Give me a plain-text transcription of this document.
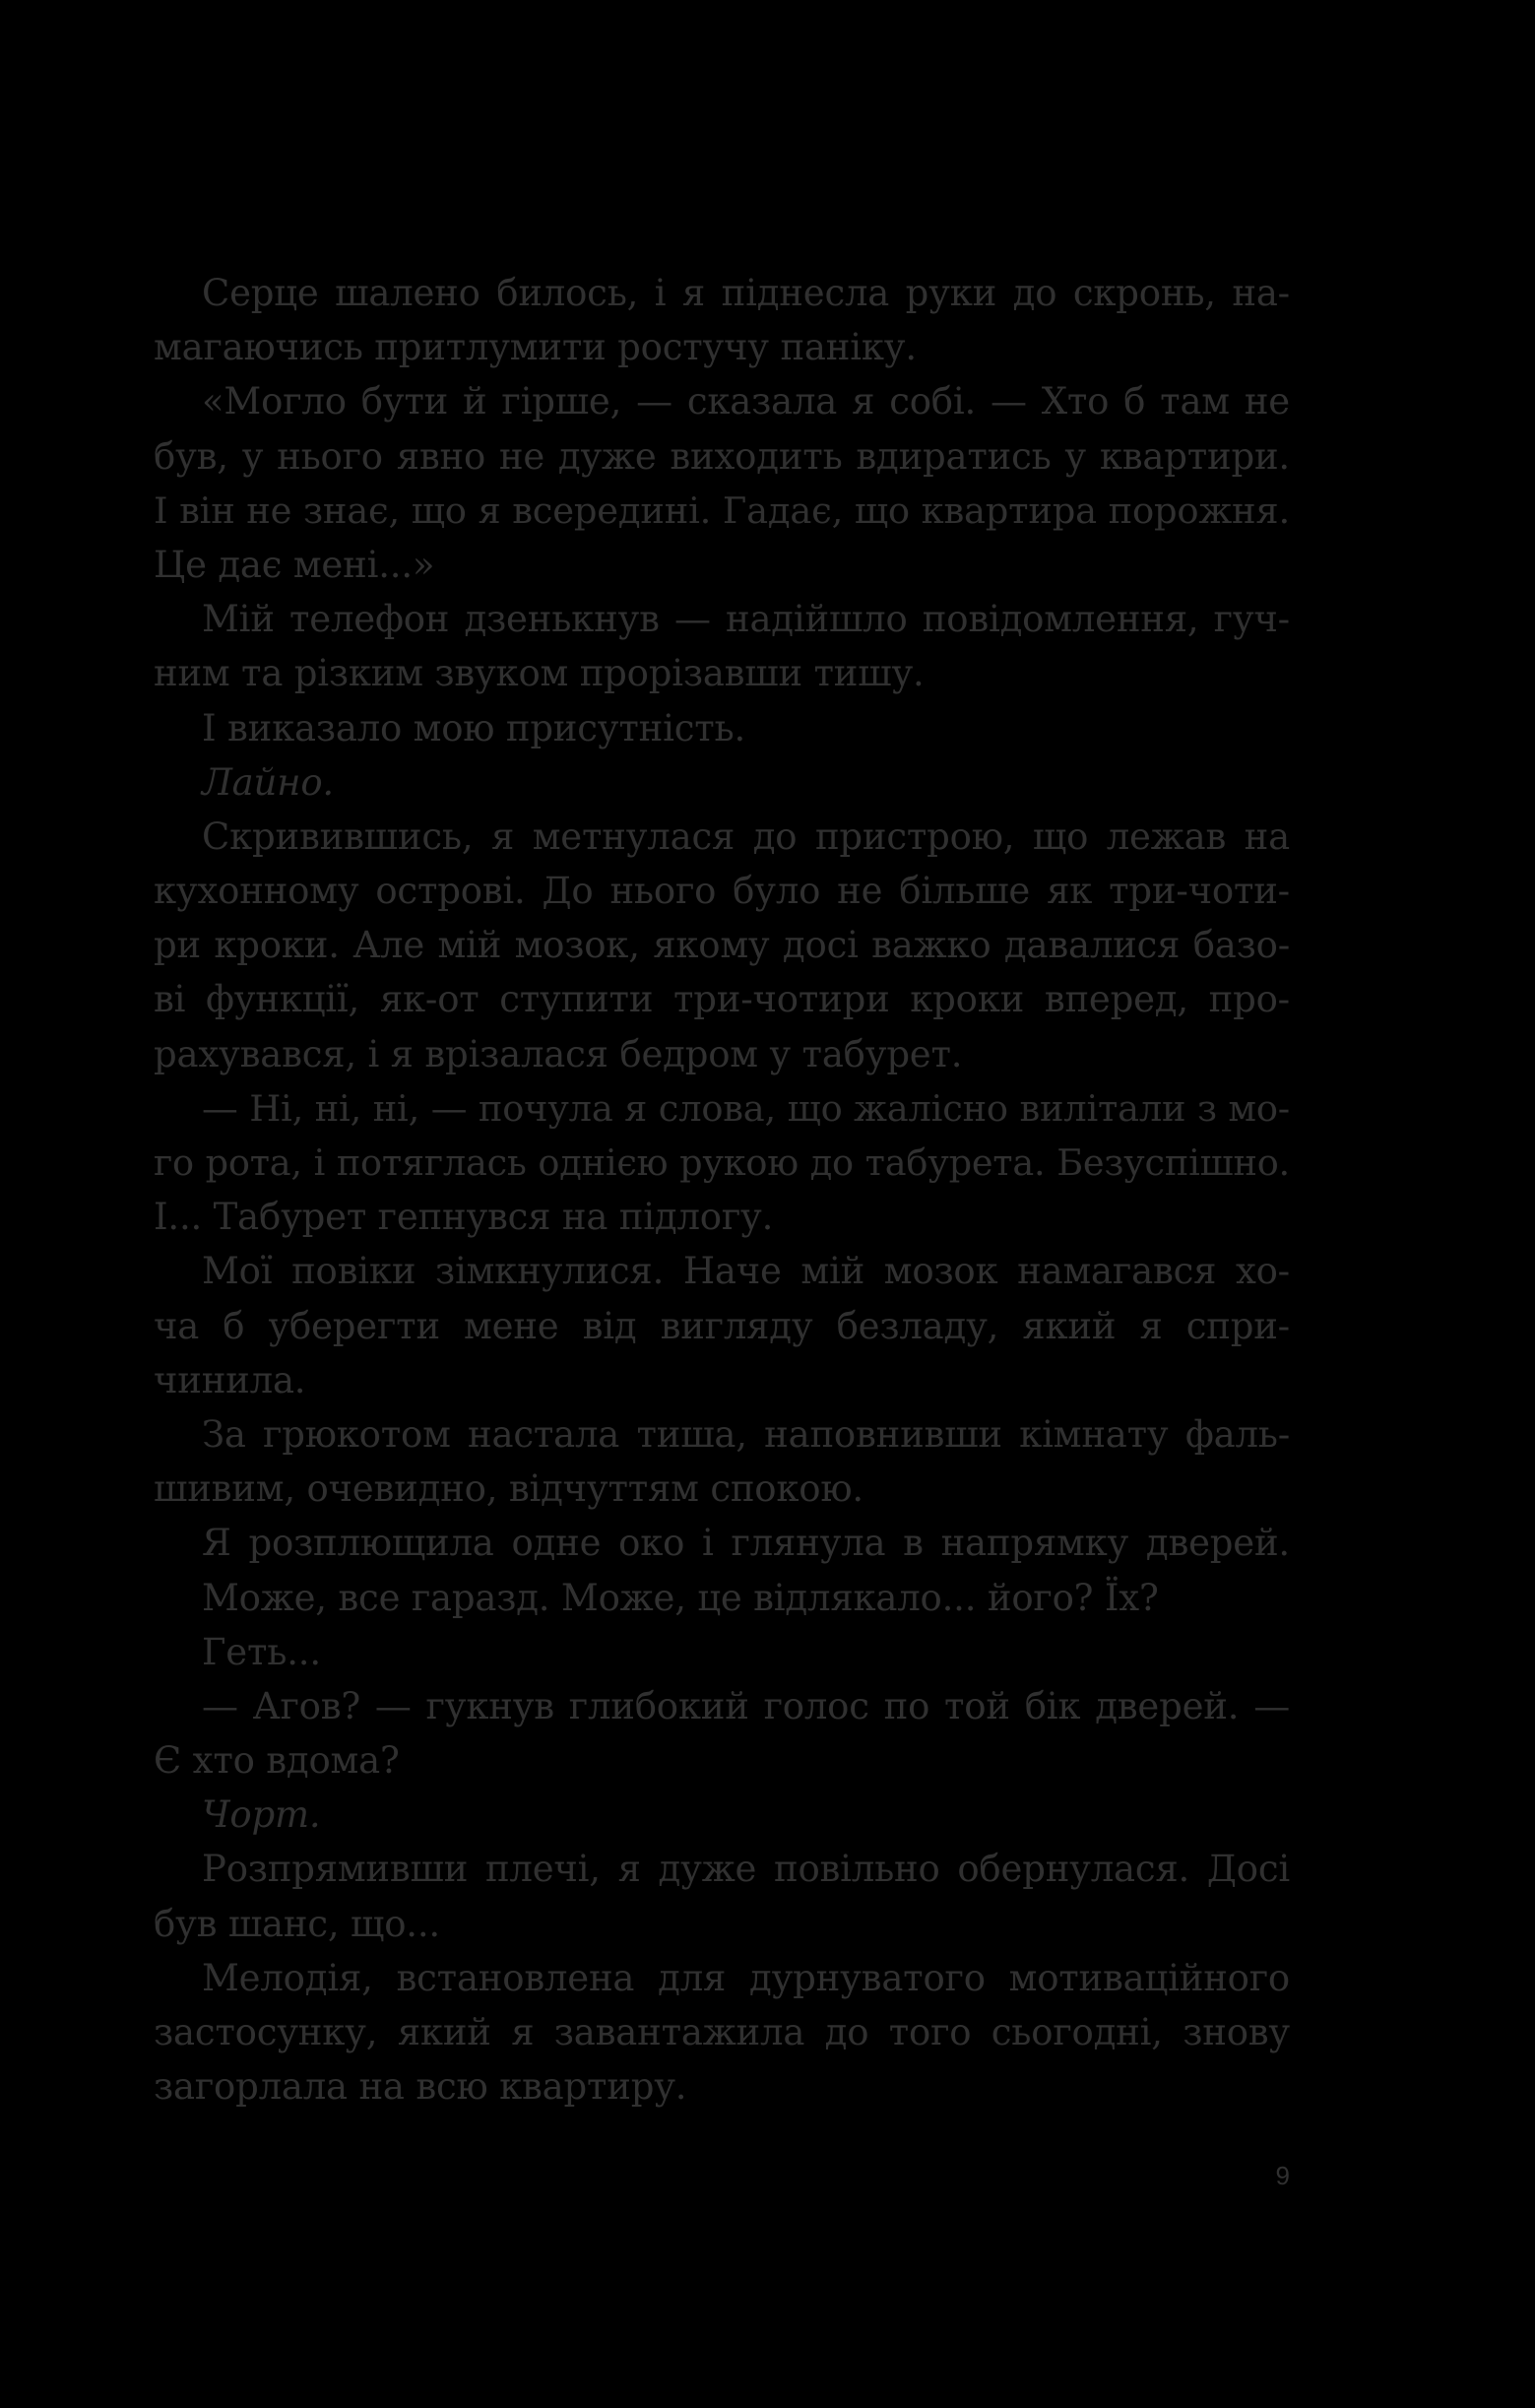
Серце шалено билось, і я піднесла руки до скронь, на-
магаючись притлумити ростучу паніку.
«Могло бути й гірше, — сказала я собі. — Хто б там не
був, у нього явно не дуже виходить вдиратись у квартири.
І він не знає, що я всередині. Гадає, що квартира порожня.
Це дає мені...»
Мій телефон дзенькнув — надійшло повідомлення, гуч-
ним та різким звуком прорізавши тишу.
І виказало мою присутність.
Лайно.
Скривившись, я метнулася до пристрою, що лежав на
кухонному острові. До нього було не більше як три-чоти-
ри кроки. Але мій мозок, якому досі важко давалися базо-
ві функції, як-от ступити три-чотири кроки вперед, про-
рахувався, і я врізалася бедром у табурет.
— Ні, ні, ні, — почула я слова, що жалісно вилітали з мо-
го рота, і потяглась однією рукою до табурета. Безуспішно.
І... Табурет гепнувся на підлогу.
Мої повіки зімкнулися. Наче мій мозок намагався хо-
ча б уберегти мене від вигляду безладу, який я спри-
чинила.
За грюкотом настала тиша, наповнивши кімнату фаль-
шивим, очевидно, відчуттям спокою.
Я розплющила одне око і глянула в напрямку дверей.
Може, все гаразд. Може, це відлякало... його? Їх?
Геть...
— Агов? — гукнув глибокий голос по той бік дверей. —
Є хто вдома?
Чорт.
Розпрямивши плечі, я дуже повільно обернулася. Досі
був шанс, що...
Мелодія, встановлена для дурнуватого мотиваційного
застосунку, який я завантажила до того сьогодні, знову
загорлала на всю квартиру.
9
